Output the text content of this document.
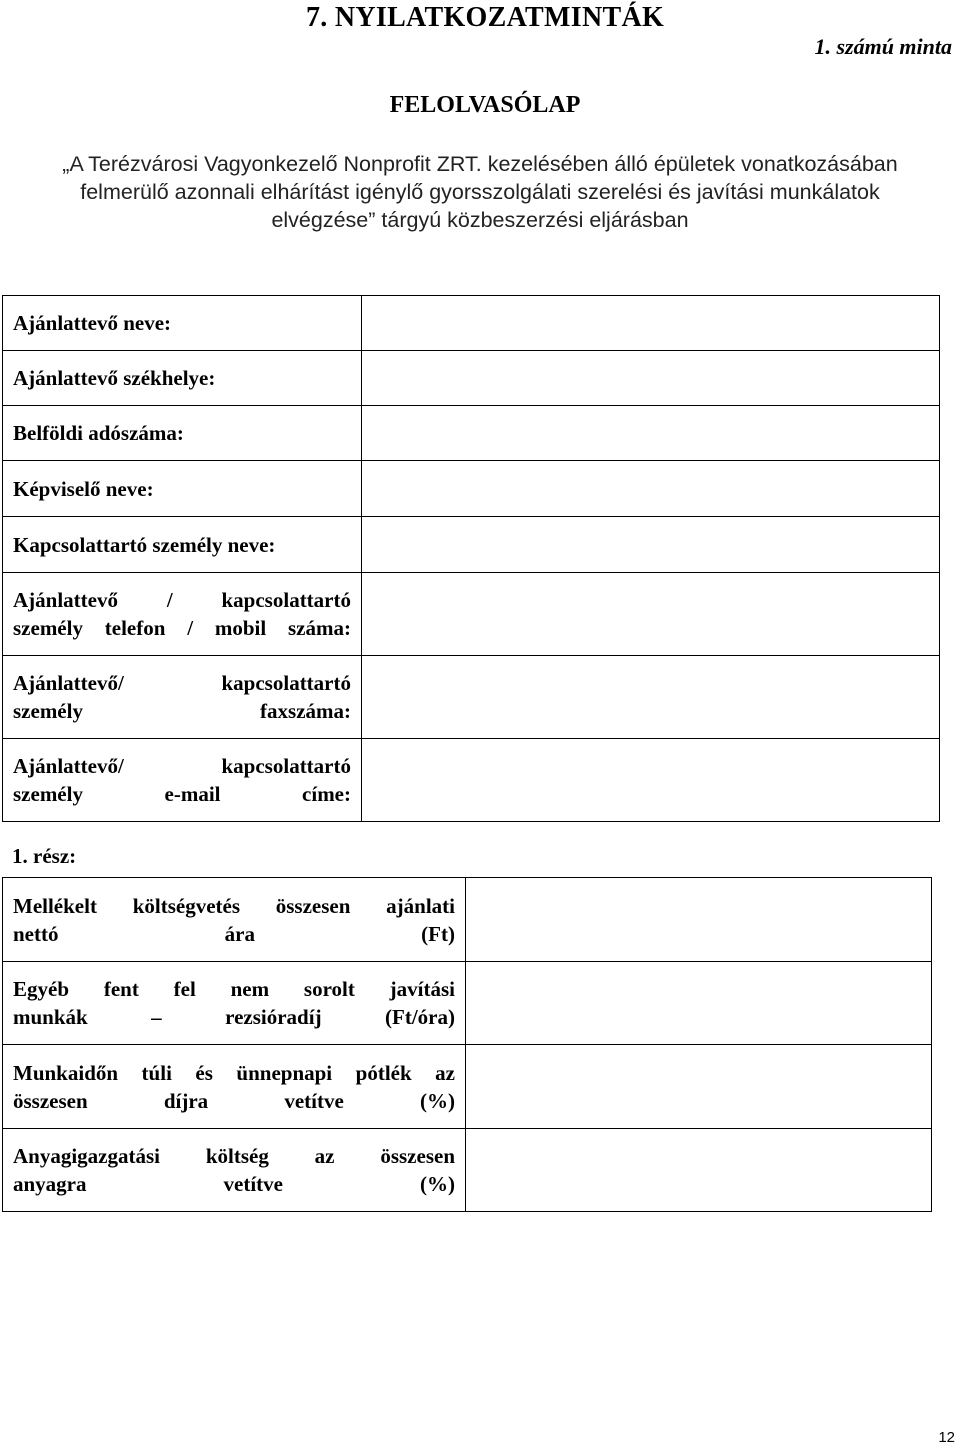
7. NYILATKOZATMINTÁK
1. számú minta
FELOLVASÓLAP

„A Terézvárosi Vagyonkezelő Nonprofit ZRT. kezelésében álló épületek vonatkozásában
felmerülő azonnali elhárítást igénylő gyorsszolgálati szerelési és javítási munkálatok
elvégzése” tárgyú közbeszerzési eljárásban

Ajánlattevő neve:	
Ajánlattevő székhelye:	
Belföldi adószáma:	
Képviselő neve:	
Kapcsolattartó személy neve:	
Ajánlattevő / kapcsolattartó
személy telefon / mobil száma:	
Ajánlattevő/ kapcsolattartó
személy faxszáma:	
Ajánlattevő/ kapcsolattartó
személy e-mail címe:	
1. rész:
Mellékelt költségvetés összesen ajánlati
nettó ára (Ft)	
Egyéb fent fel nem sorolt javítási
munkák – rezsióradíj (Ft/óra)	
Munkaidőn túli és ünnepnapi pótlék az
összesen díjra vetítve (%)	
Anyagigazgatási költség az összesen
anyagra vetítve (%)	
12
